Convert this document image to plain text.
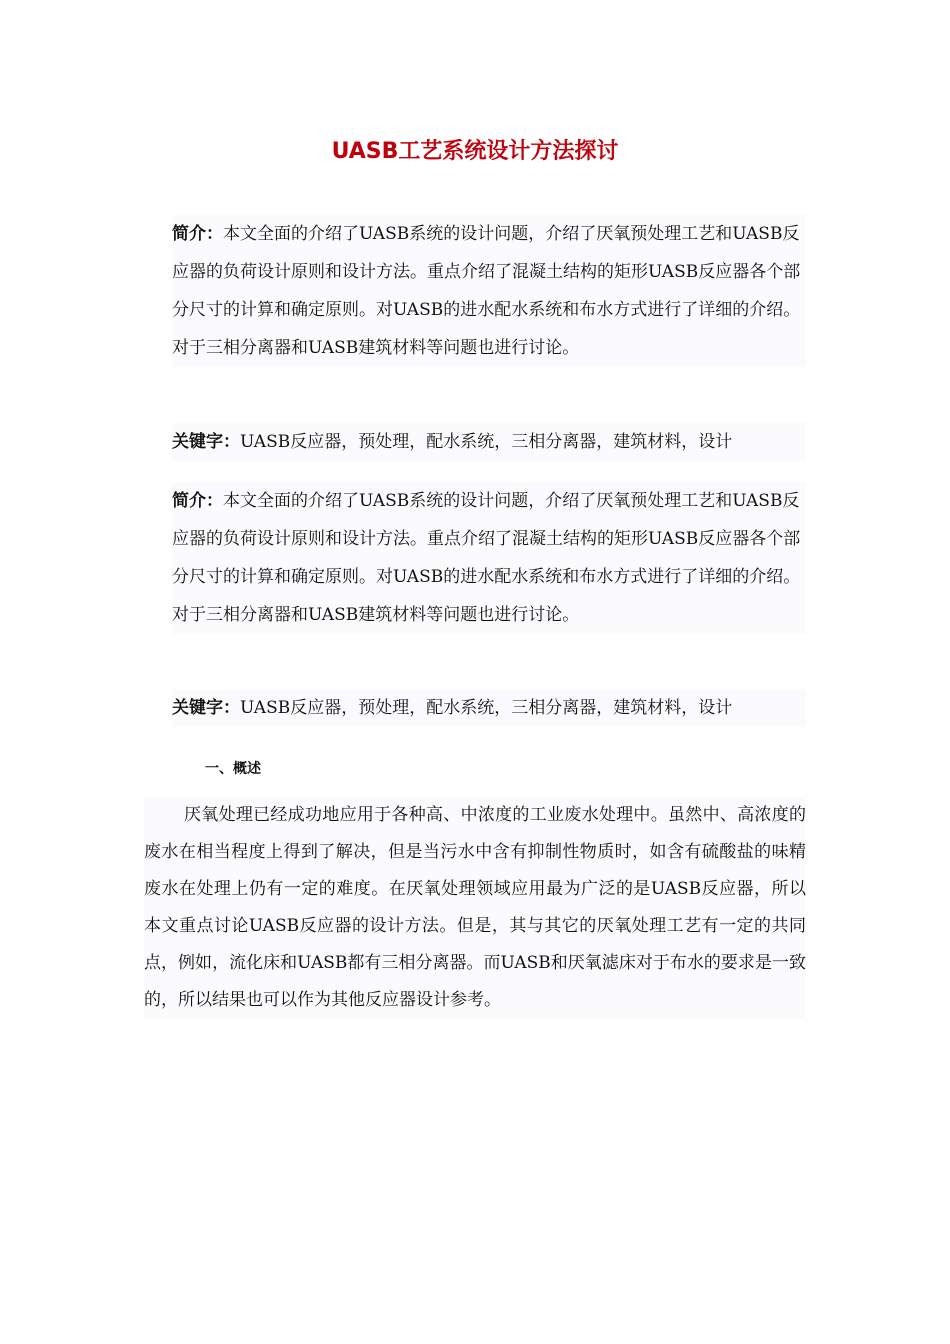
UASB工艺系统设计方法探讨
简介：本文全面的介绍了UASB系统的设计问题，介绍了厌氧预处理工艺和UASB反应器的负荷设计原则和设计方法。重点介绍了混凝土结构的矩形UASB反应器各个部分尺寸的计算和确定原则。对UASB的进水配水系统和布水方式进行了详细的介绍。对于三相分离器和UASB建筑材料等问题也进行讨论。
关键字：UASB反应器，预处理，配水系统，三相分离器，建筑材料，设计
简介：本文全面的介绍了UASB系统的设计问题，介绍了厌氧预处理工艺和UASB反应器的负荷设计原则和设计方法。重点介绍了混凝土结构的矩形UASB反应器各个部分尺寸的计算和确定原则。对UASB的进水配水系统和布水方式进行了详细的介绍。对于三相分离器和UASB建筑材料等问题也进行讨论。
关键字：UASB反应器，预处理，配水系统，三相分离器，建筑材料，设计
一、概述
厌氧处理已经成功地应用于各种高、中浓度的工业废水处理中。虽然中、高浓度的废水在相当程度上得到了解决，但是当污水中含有抑制性物质时，如含有硫酸盐的味精废水在处理上仍有一定的难度。在厌氧处理领域应用最为广泛的是UASB反应器，所以本文重点讨论UASB反应器的设计方法。但是，其与其它的厌氧处理工艺有一定的共同点，例如，流化床和UASB都有三相分离器。而UASB和厌氧滤床对于布水的要求是一致的，所以结果也可以作为其他反应器设计参考。
